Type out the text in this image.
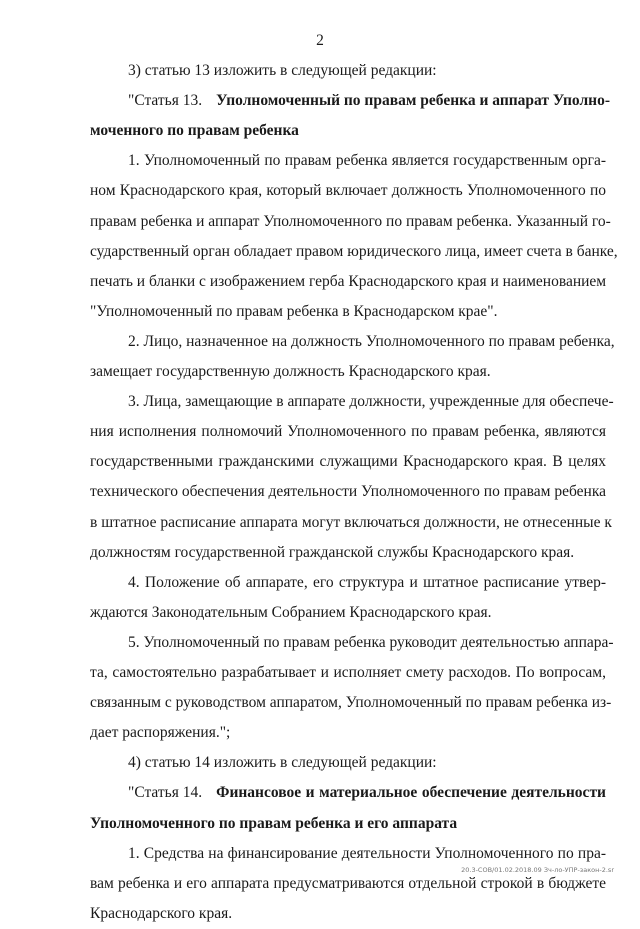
2
3) статью 13 изложить в следующей редакции:
"Статья 13. Уполномоченный по правам ребенка и аппарат Уполно-
моченного по правам ребенка
1. Уполномоченный по правам ребенка является государственным орга-
ном Краснодарского края, который включает должность Уполномоченного по
правам ребенка и аппарат Уполномоченного по правам ребенка. Указанный го-
сударственный орган обладает правом юридического лица, имеет счета в банке,
печать и бланки с изображением герба Краснодарского края и наименованием
"Уполномоченный по правам ребенка в Краснодарском крае".
2. Лицо, назначенное на должность Уполномоченного по правам ребенка,
замещает государственную должность Краснодарского края.
3. Лица, замещающие в аппарате должности, учрежденные для обеспече-
ния исполнения полномочий Уполномоченного по правам ребенка, являются
государственными гражданскими служащими Краснодарского края. В целях
технического обеспечения деятельности Уполномоченного по правам ребенка
в штатное расписание аппарата могут включаться должности, не отнесенные к
должностям государственной гражданской службы Краснодарского края.
4. Положение об аппарате, его структура и штатное расписание утвер-
ждаются Законодательным Собранием Краснодарского края.
5. Уполномоченный по правам ребенка руководит деятельностью аппара-
та, самостоятельно разрабатывает и исполняет смету расходов. По вопросам,
связанным с руководством аппаратом, Уполномоченный по правам ребенка из-
дает распоряжения.";
4) статью 14 изложить в следующей редакции:
"Статья 14. Финансовое и материальное обеспечение деятельности
Уполномоченного по правам ребенка и его аппарата
1. Средства на финансирование деятельности Уполномоченного по пра-
вам ребенка и его аппарата предусматриваются отдельной строкой в бюджете
Краснодарского края.
20.3-СОВ/01.02.2018.09 Зч-ло-УПР-закон-2.sr
